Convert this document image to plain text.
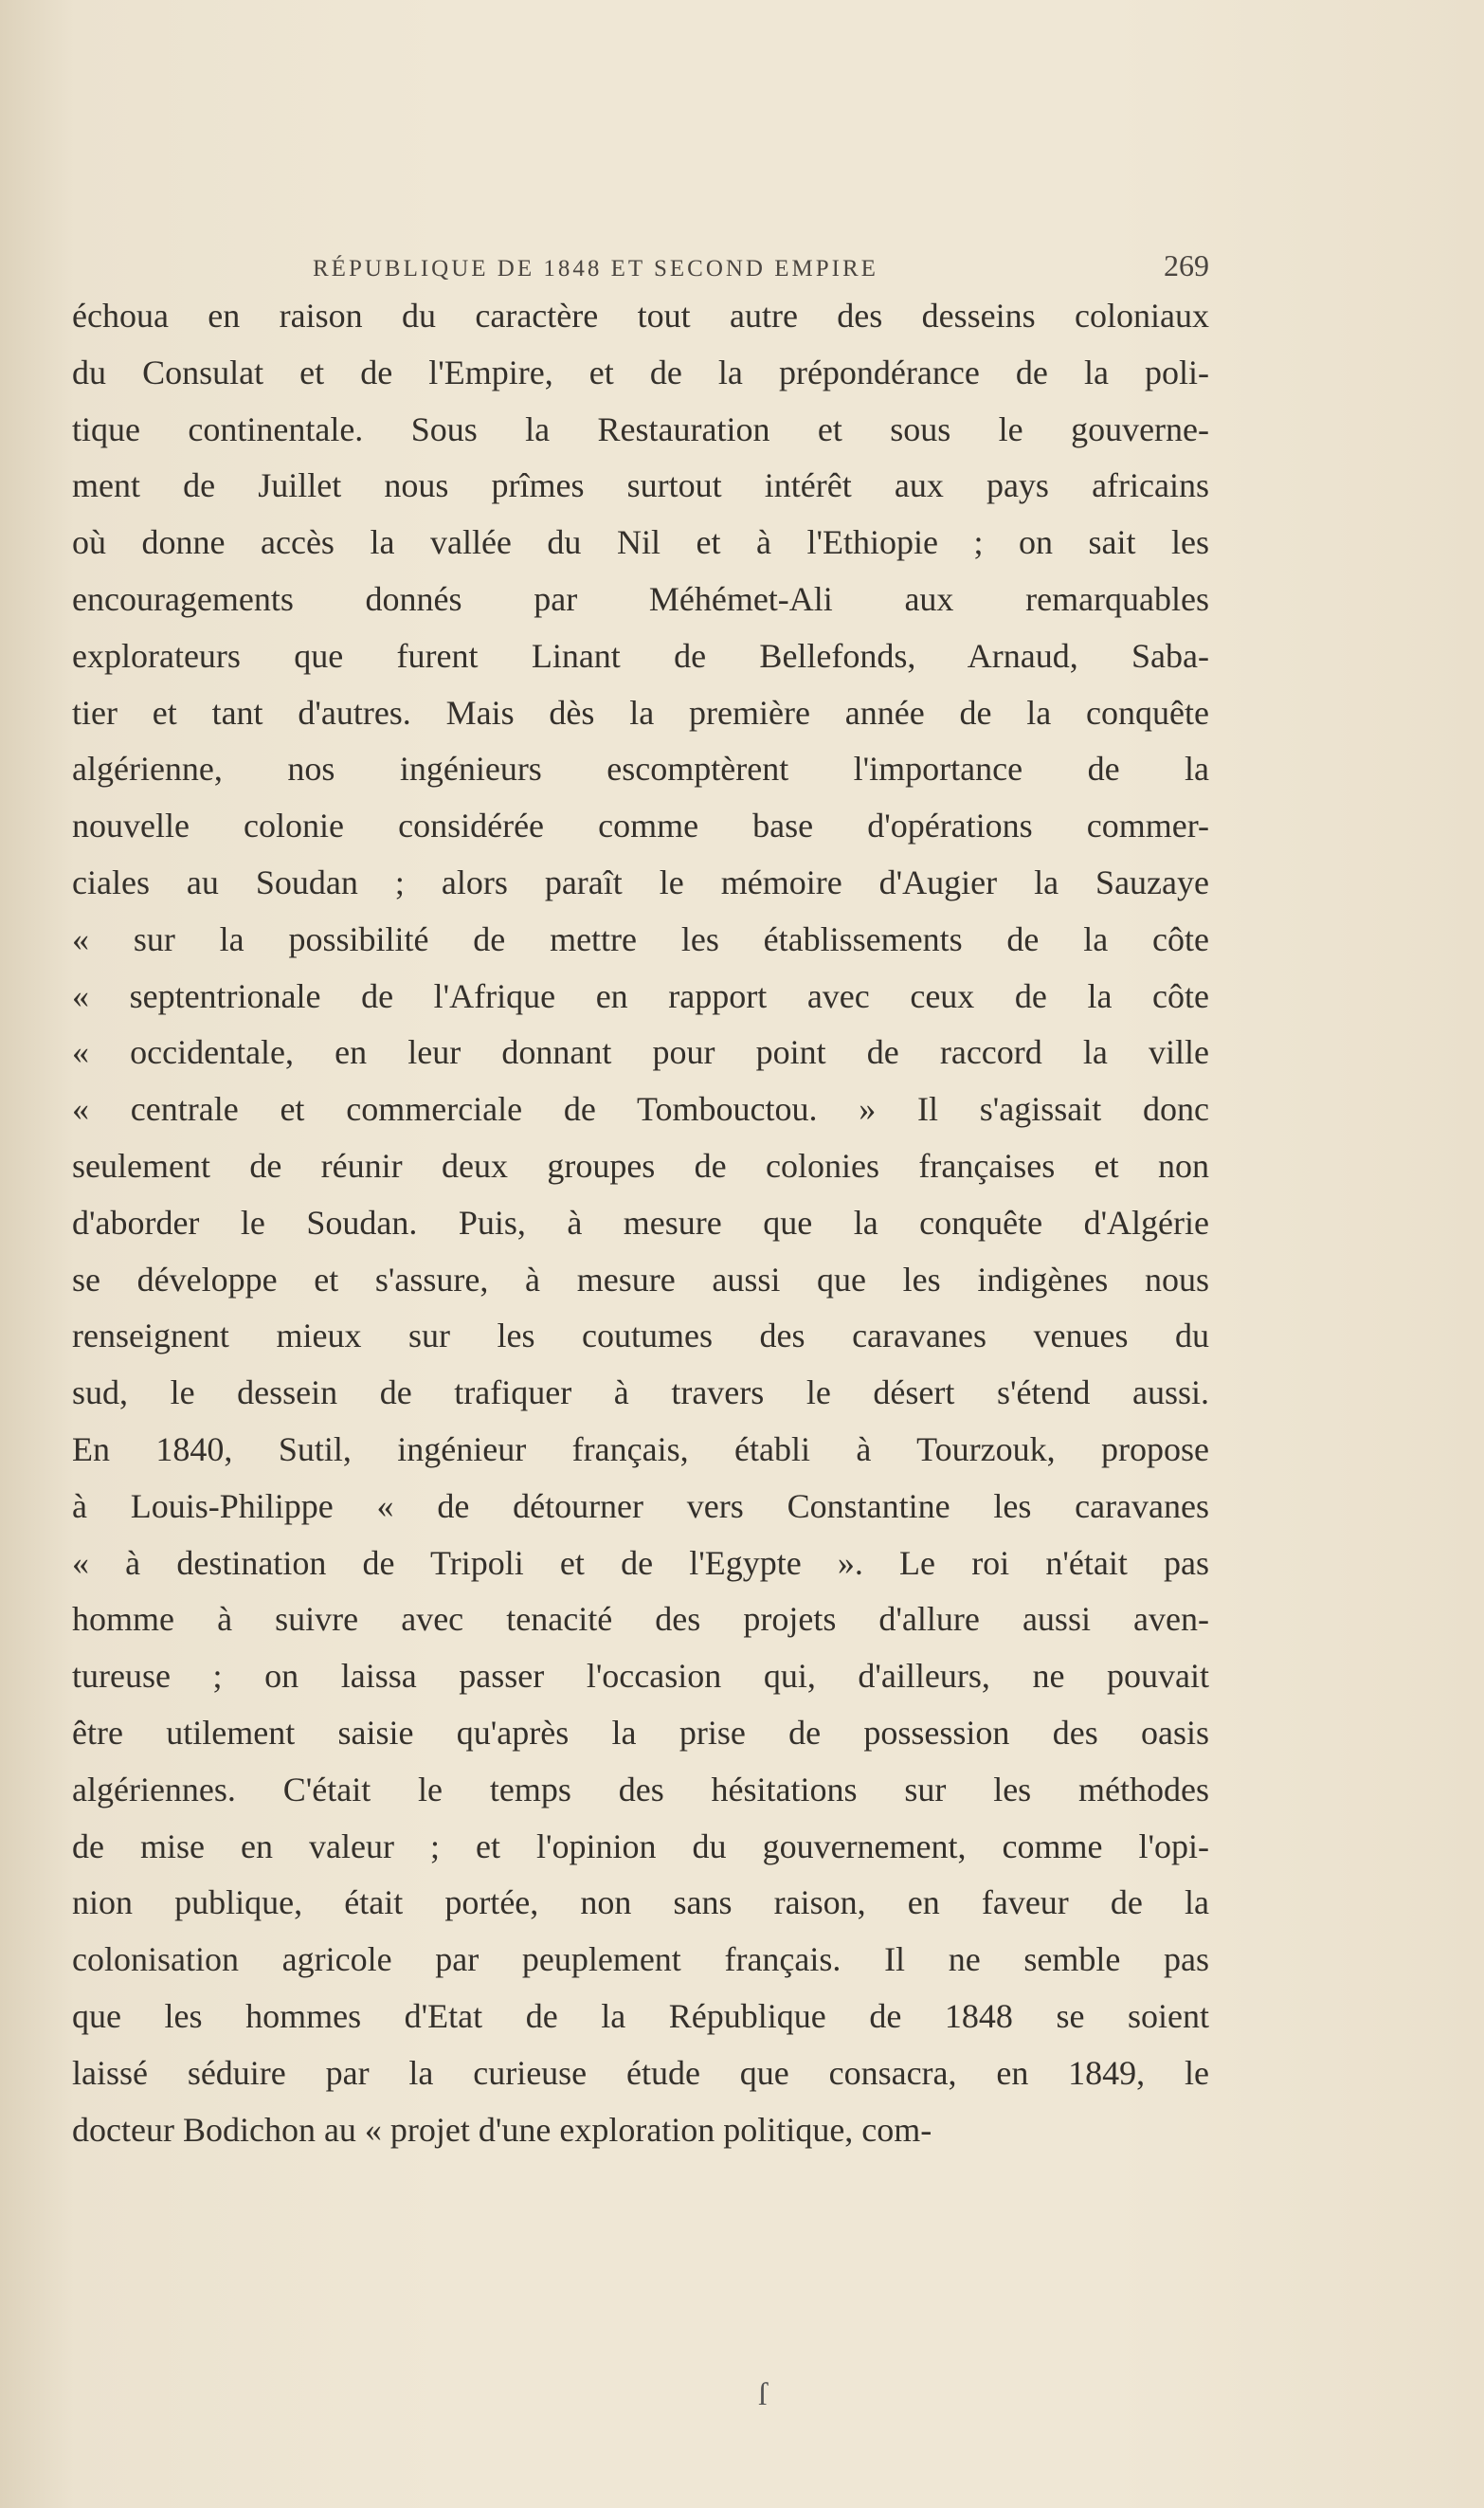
RÉPUBLIQUE DE 1848 ET SECOND EMPIRE	269
échoua en raison du caractère tout autre des desseins coloniaux
du Consulat et de l'Empire, et de la prépondérance de la poli-
tique continentale. Sous la Restauration et sous le gouverne-
ment de Juillet nous prîmes surtout intérêt aux pays africains
où donne accès la vallée du Nil et à l'Ethiopie ; on sait les
encouragements donnés par Méhémet-Ali aux remarquables
explorateurs que furent Linant de Bellefonds, Arnaud, Saba-
tier et tant d'autres. Mais dès la première année de la conquête
algérienne, nos ingénieurs escomptèrent l'importance de la
nouvelle colonie considérée comme base d'opérations commer-
ciales au Soudan ; alors paraît le mémoire d'Augier la Sauzaye
« sur la possibilité de mettre les établissements de la côte
« septentrionale de l'Afrique en rapport avec ceux de la côte
« occidentale, en leur donnant pour point de raccord la ville
« centrale et commerciale de Tombouctou. » Il s'agissait donc
seulement de réunir deux groupes de colonies françaises et non
d'aborder le Soudan. Puis, à mesure que la conquête d'Algérie
se développe et s'assure, à mesure aussi que les indigènes nous
renseignent mieux sur les coutumes des caravanes venues du
sud, le dessein de trafiquer à travers le désert s'étend aussi.
En 1840, Sutil, ingénieur français, établi à Tourzouk, propose
à Louis-Philippe « de détourner vers Constantine les caravanes
« à destination de Tripoli et de l'Egypte ». Le roi n'était pas
homme à suivre avec tenacité des projets d'allure aussi aven-
tureuse ; on laissa passer l'occasion qui, d'ailleurs, ne pouvait
être utilement saisie qu'après la prise de possession des oasis
algériennes. C'était le temps des hésitations sur les méthodes
de mise en valeur ; et l'opinion du gouvernement, comme l'opi-
nion publique, était portée, non sans raison, en faveur de la
colonisation agricole par peuplement français. Il ne semble pas
que les hommes d'Etat de la République de 1848 se soient
laissé séduire par la curieuse étude que consacra, en 1849, le
docteur Bodichon au « projet d'une exploration politique, com-
ſ
